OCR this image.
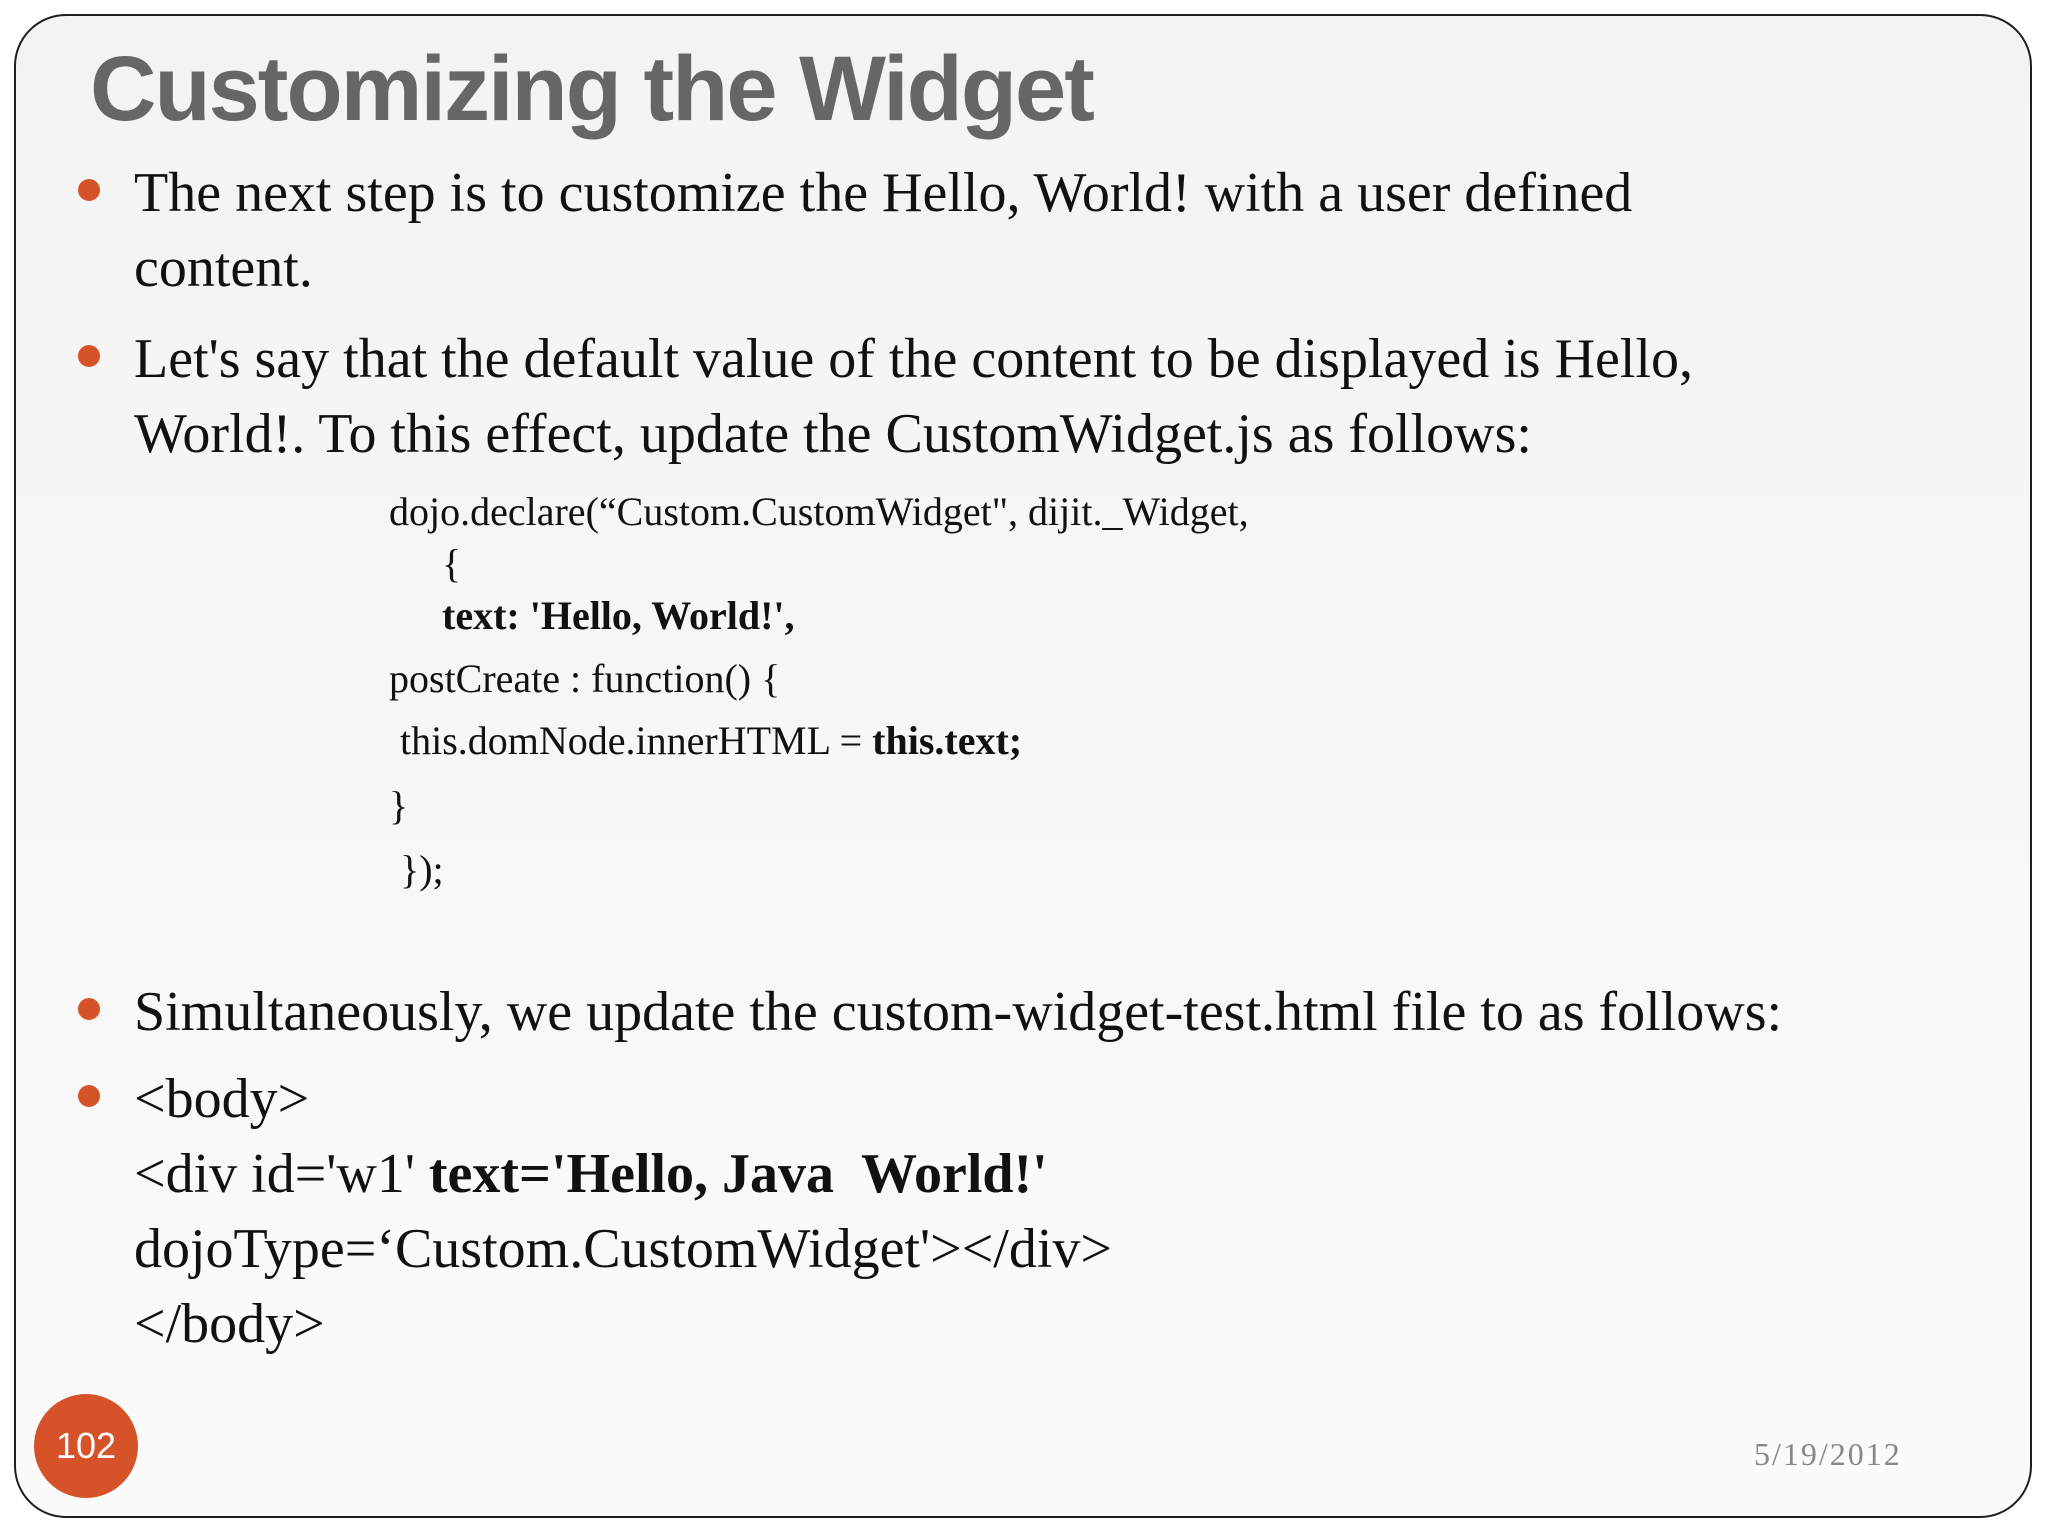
Customizing the Widget
The next step is to customize the Hello, World! with a user defined
content.
Let's say that the default value of the content to be displayed is Hello,
World!. To this effect, update the CustomWidget.js as follows:
dojo.declare(“Custom.CustomWidget", dijit._Widget,
{
text: 'Hello, World!',
postCreate : function() {
this.domNode.innerHTML = this.text;
}
});
Simultaneously, we update the custom-widget-test.html file to as follows:
<body>
<div id='w1' text='Hello, Java  World!'
dojoType=‘Custom.CustomWidget'></div>
</body>
102	5/19/2012
